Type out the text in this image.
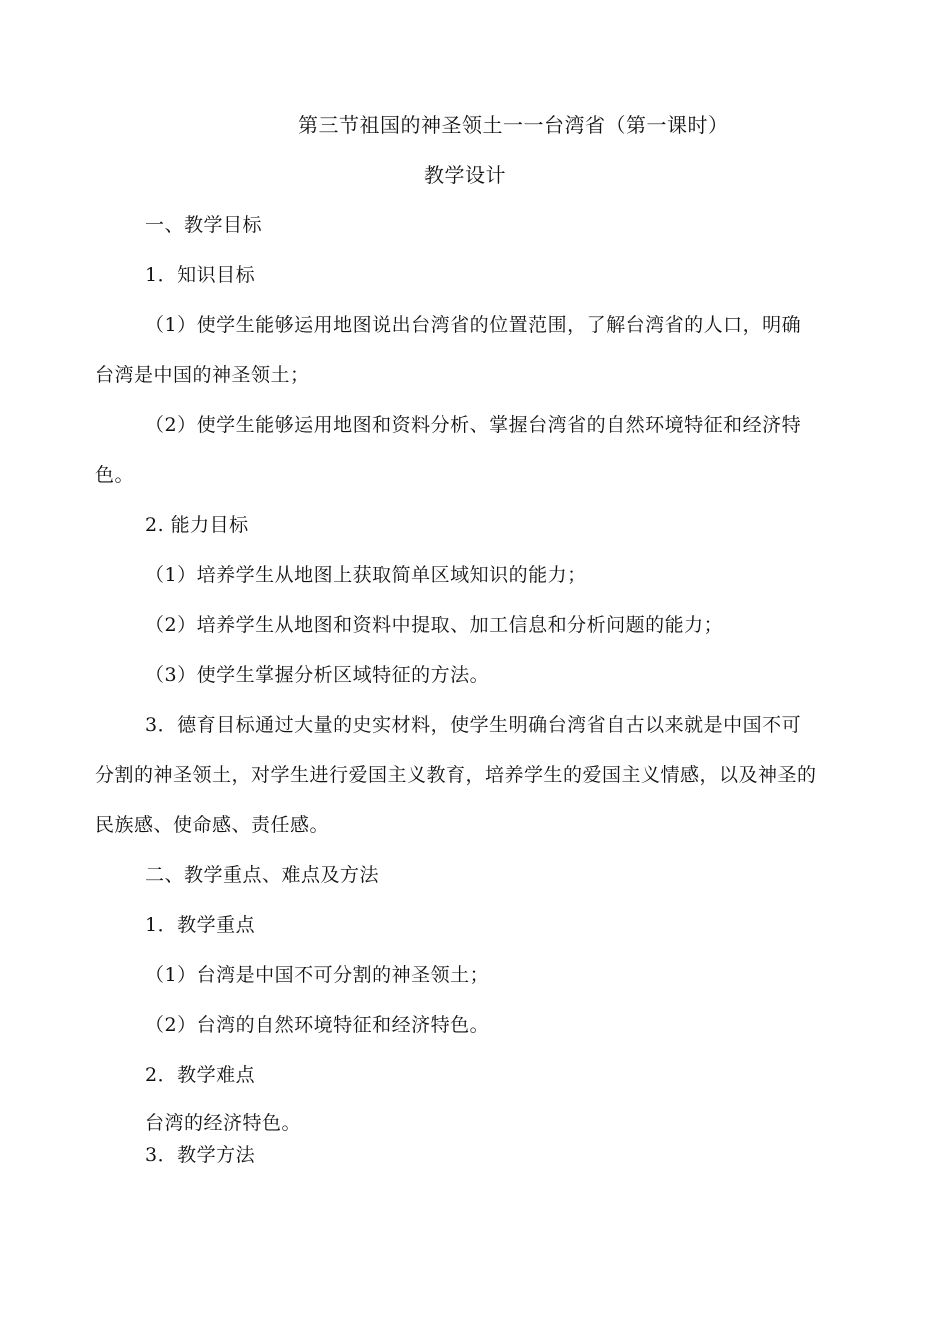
第三节祖国的神圣领土一一台湾省（第一课时）
教学设计
一、教学目标
1．知识目标
（1）使学生能够运用地图说出台湾省的位置范围，了解台湾省的人口，明确
台湾是中国的神圣领土；
（2）使学生能够运用地图和资料分析、掌握台湾省的自然环境特征和经济特
色。
2. 能力目标
（1）培养学生从地图上获取简单区域知识的能力；
（2）培养学生从地图和资料中提取、加工信息和分析问题的能力；
（3）使学生掌握分析区域特征的方法。
3．德育目标通过大量的史实材料，使学生明确台湾省自古以来就是中国不可
分割的神圣领土，对学生进行爱国主义教育，培养学生的爱国主义情感，以及神圣的
民族感、使命感、责任感。
二、教学重点、难点及方法
1．教学重点
（1）台湾是中国不可分割的神圣领土；
（2）台湾的自然环境特征和经济特色。
2．教学难点
台湾的经济特色。
3．教学方法
